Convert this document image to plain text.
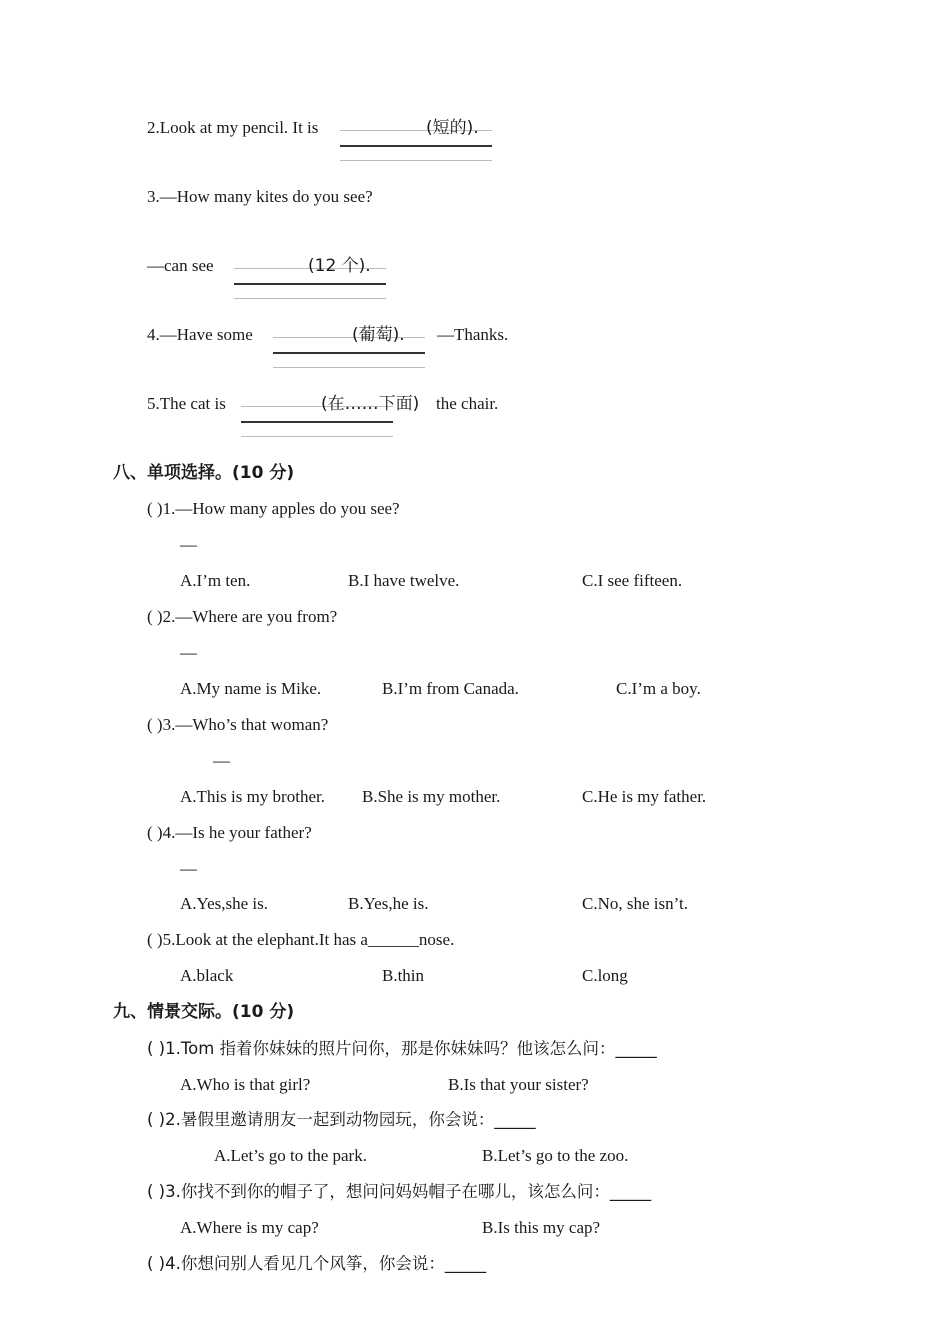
2.Look at my pencil. It is	(短的).
3.—How many kites do you see?
—can see	(12 个).
4.—Have some	(葡萄). —Thanks.
5.The cat is	(在……下面) the chair.
八、单项选择。(10 分)
( )1.—How many apples do you see?
—
A.I’m ten.	B.I have twelve.	C.I see fifteen.
( )2.—Where are you from?
—
A.My name is Mike.	B.I’m from Canada.	C.I’m a boy.
( )3.—Who’s that woman?
—
A.This is my brother. B.She is my mother.	C.He is my father.
( )4.—Is he your father?
—
A.Yes,she is.	B.Yes,he is.	C.No, she isn’t.
( )5.Look at the elephant.It has a______nose.
A.black	B.thin	C.long
九、情景交际。(10 分)
( )1.Tom 指着你妹妹的照片问你，那是你妹妹吗？他该怎么问：_____
A.Who is that girl?	B.Is that your sister?
( )2.暑假里邀请朋友一起到动物园玩，你会说：_____
A.Let’s go to the park.	B.Let’s go to the zoo.
( )3.你找不到你的帽子了，想问问妈妈帽子在哪儿，该怎么问：_____
A.Where is my cap?	B.Is this my cap?
( )4.你想问别人看见几个风筝，你会说：_____
